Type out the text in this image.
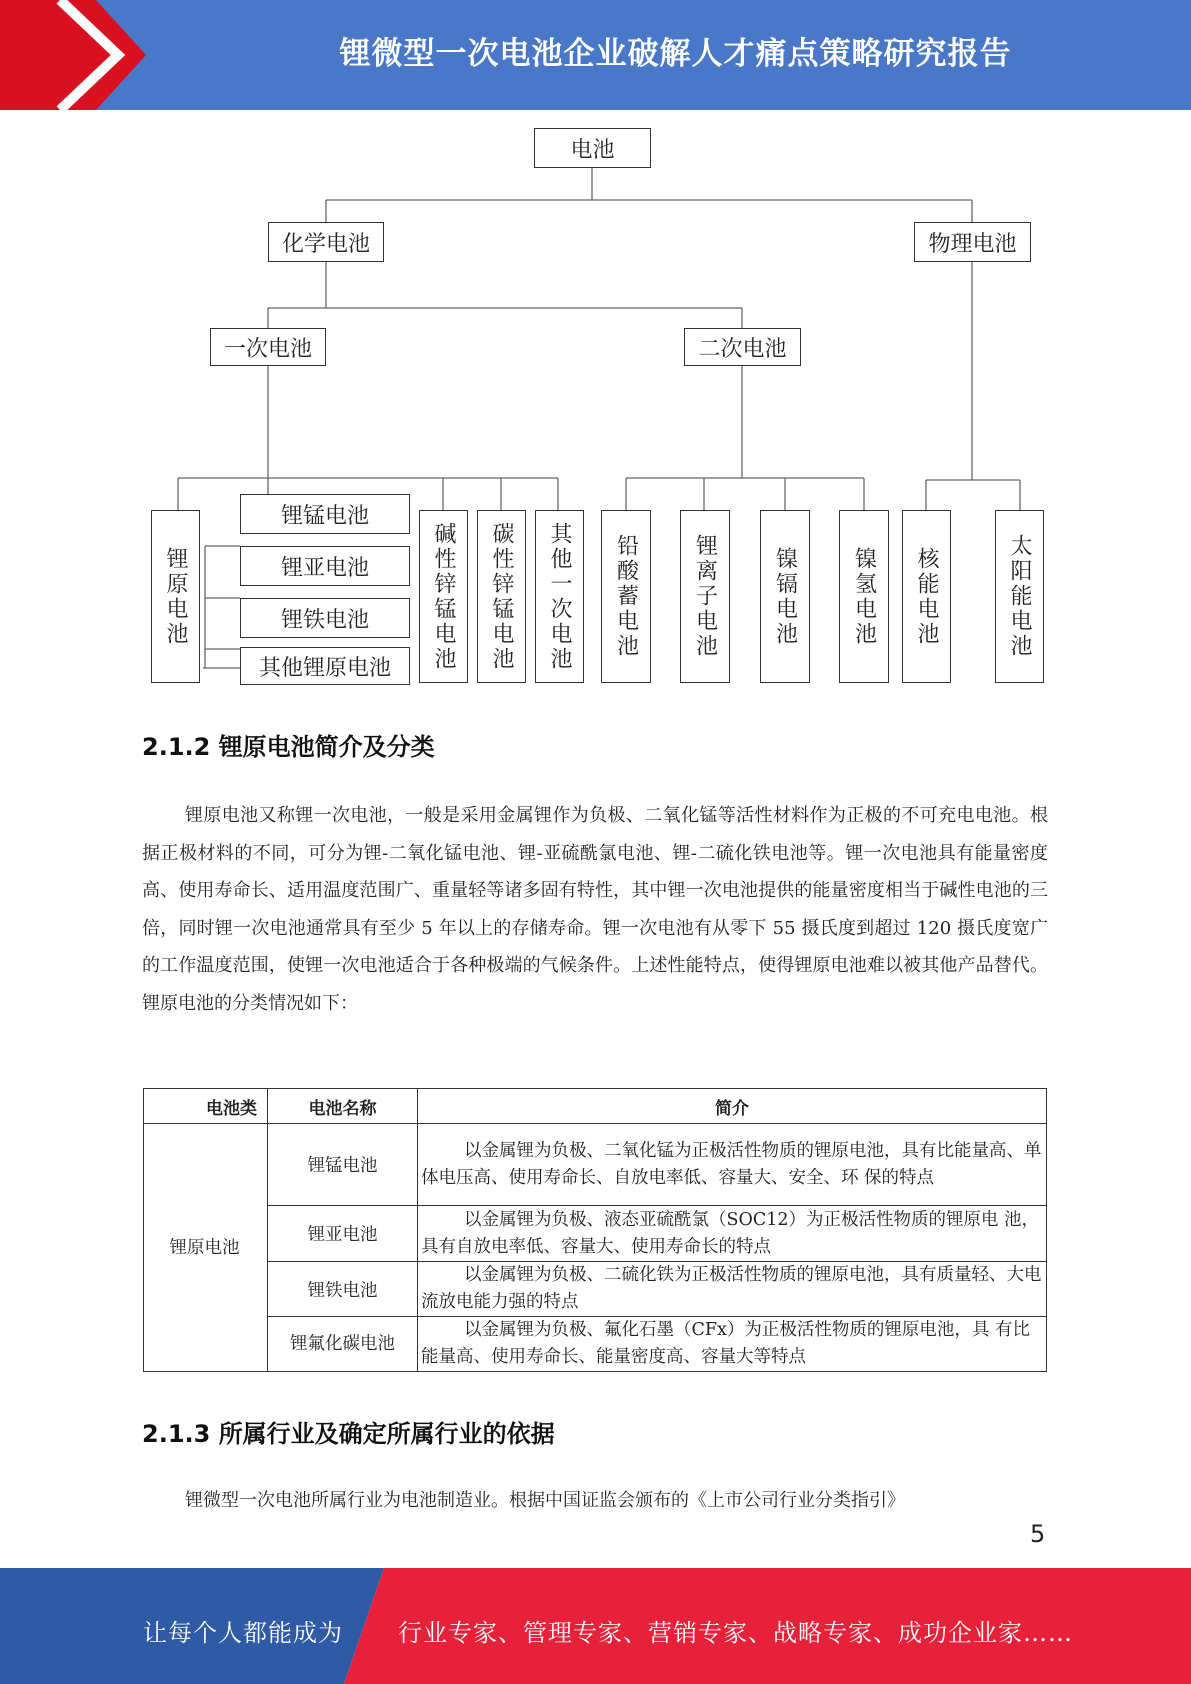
锂微型一次电池企业破解人才痛点策略研究报告
电池
化学电池	物理电池
一次电池	二次电池
锂原电池
锂锰电池
锂亚电池
锂铁电池
其他锂原电池	碱性锌锰电池	碳性锌锰电池	其他一次电池	铅酸蓄电池	锂离子电池	镍镉电池	镍氢电池	核能电池	太阳能电池
2.1.2 锂原电池简介及分类
锂原电池又称锂一次电池，一般是采用金属锂作为负极、二氧化锰等活性材料作为正极的不可充电电池。根据正极材料的不同，可分为锂-二氧化锰电池、锂-亚硫酰氯电池、锂-二硫化铁电池等。锂一次电池具有能量密度高、使用寿命长、适用温度范围广、重量轻等诸多固有特性，其中锂一次电池提供的能量密度相当于碱性电池的三倍，同时锂一次电池通常具有至少 5 年以上的存储寿命。锂一次电池有从零下 55 摄氏度到超过 120 摄氏度宽广的工作温度范围，使锂一次电池适合于各种极端的气候条件。上述性能特点，使得锂原电池难以被其他产品替代。锂原电池的分类情况如下：
电池类	电池名称	简介

锂原电池	锂锰电池	以金属锂为负极、二氧化锰为正极活性物质的锂原电池，具有比能量高、单体电压高、使用寿命长、自放电率低、容量大、安全、环 保的特点
	锂亚电池	以金属锂为负极、液态亚硫酰氯（SOC12）为正极活性物质的锂原电 池，具有自放电率低、容量大、使用寿命长的特点
	锂铁电池	以金属锂为负极、二硫化铁为正极活性物质的锂原电池，具有质量轻、大电流放电能力强的特点
	锂氟化碳电池	以金属锂为负极、氟化石墨（CFx）为正极活性物质的锂原电池，具 有比能量高、使用寿命长、能量密度高、容量大等特点
2.1.3 所属行业及确定所属行业的依据
锂微型一次电池所属行业为电池制造业。根据中国证监会颁布的《上市公司行业分类指引》
5
让每个人都能成为 行业专家、管理专家、营销专家、战略专家、成功企业家……
